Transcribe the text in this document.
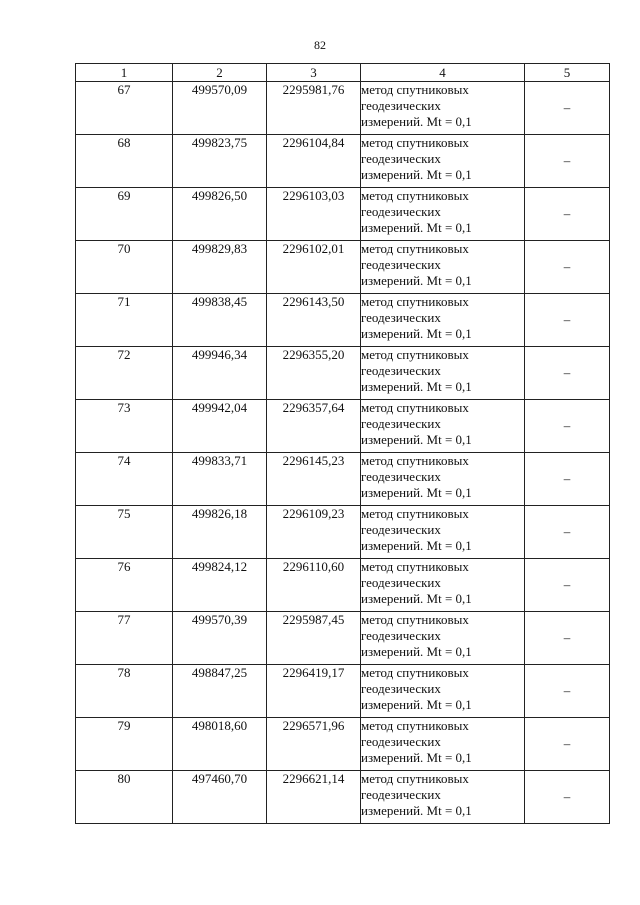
82
1	2	3	4	5
67	499570,09	2295981,76	метод спутниковых
геодезических
измерений. Mt = 0,1	–
68	499823,75	2296104,84	метод спутниковых
геодезических
измерений. Mt = 0,1	–
69	499826,50	2296103,03	метод спутниковых
геодезических
измерений. Mt = 0,1	–
70	499829,83	2296102,01	метод спутниковых
геодезических
измерений. Mt = 0,1	–
71	499838,45	2296143,50	метод спутниковых
геодезических
измерений. Mt = 0,1	–
72	499946,34	2296355,20	метод спутниковых
геодезических
измерений. Mt = 0,1	–
73	499942,04	2296357,64	метод спутниковых
геодезических
измерений. Mt = 0,1	–
74	499833,71	2296145,23	метод спутниковых
геодезических
измерений. Mt = 0,1	–
75	499826,18	2296109,23	метод спутниковых
геодезических
измерений. Mt = 0,1	–
76	499824,12	2296110,60	метод спутниковых
геодезических
измерений. Mt = 0,1	–
77	499570,39	2295987,45	метод спутниковых
геодезических
измерений. Mt = 0,1	–
78	498847,25	2296419,17	метод спутниковых
геодезических
измерений. Mt = 0,1	–
79	498018,60	2296571,96	метод спутниковых
геодезических
измерений. Mt = 0,1	–
80	497460,70	2296621,14	метод спутниковых
геодезических
измерений. Mt = 0,1	–
